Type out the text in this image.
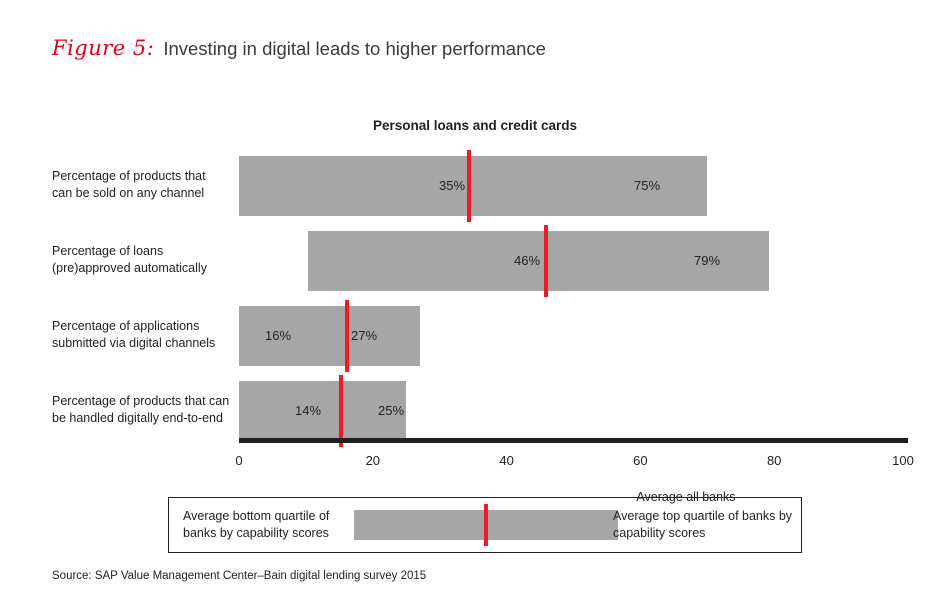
Figure 5: Investing in digital leads to higher performance
Personal loans and credit cards
Percentage of products that
can be sold on any channel
Percentage of loans
(pre)approved automatically
Percentage of applications
submitted via digital channels
Percentage of products that can
be handled digitally end-to-end
35%	75%
46%	79%
16%	27%
14%	25%
0	20	40	60	80	100
Average bottom quartile of banks by capability scores
Average all banks
Average top quartile of banks by capability scores
Source: SAP Value Management Center–Bain digital lending survey 2015
